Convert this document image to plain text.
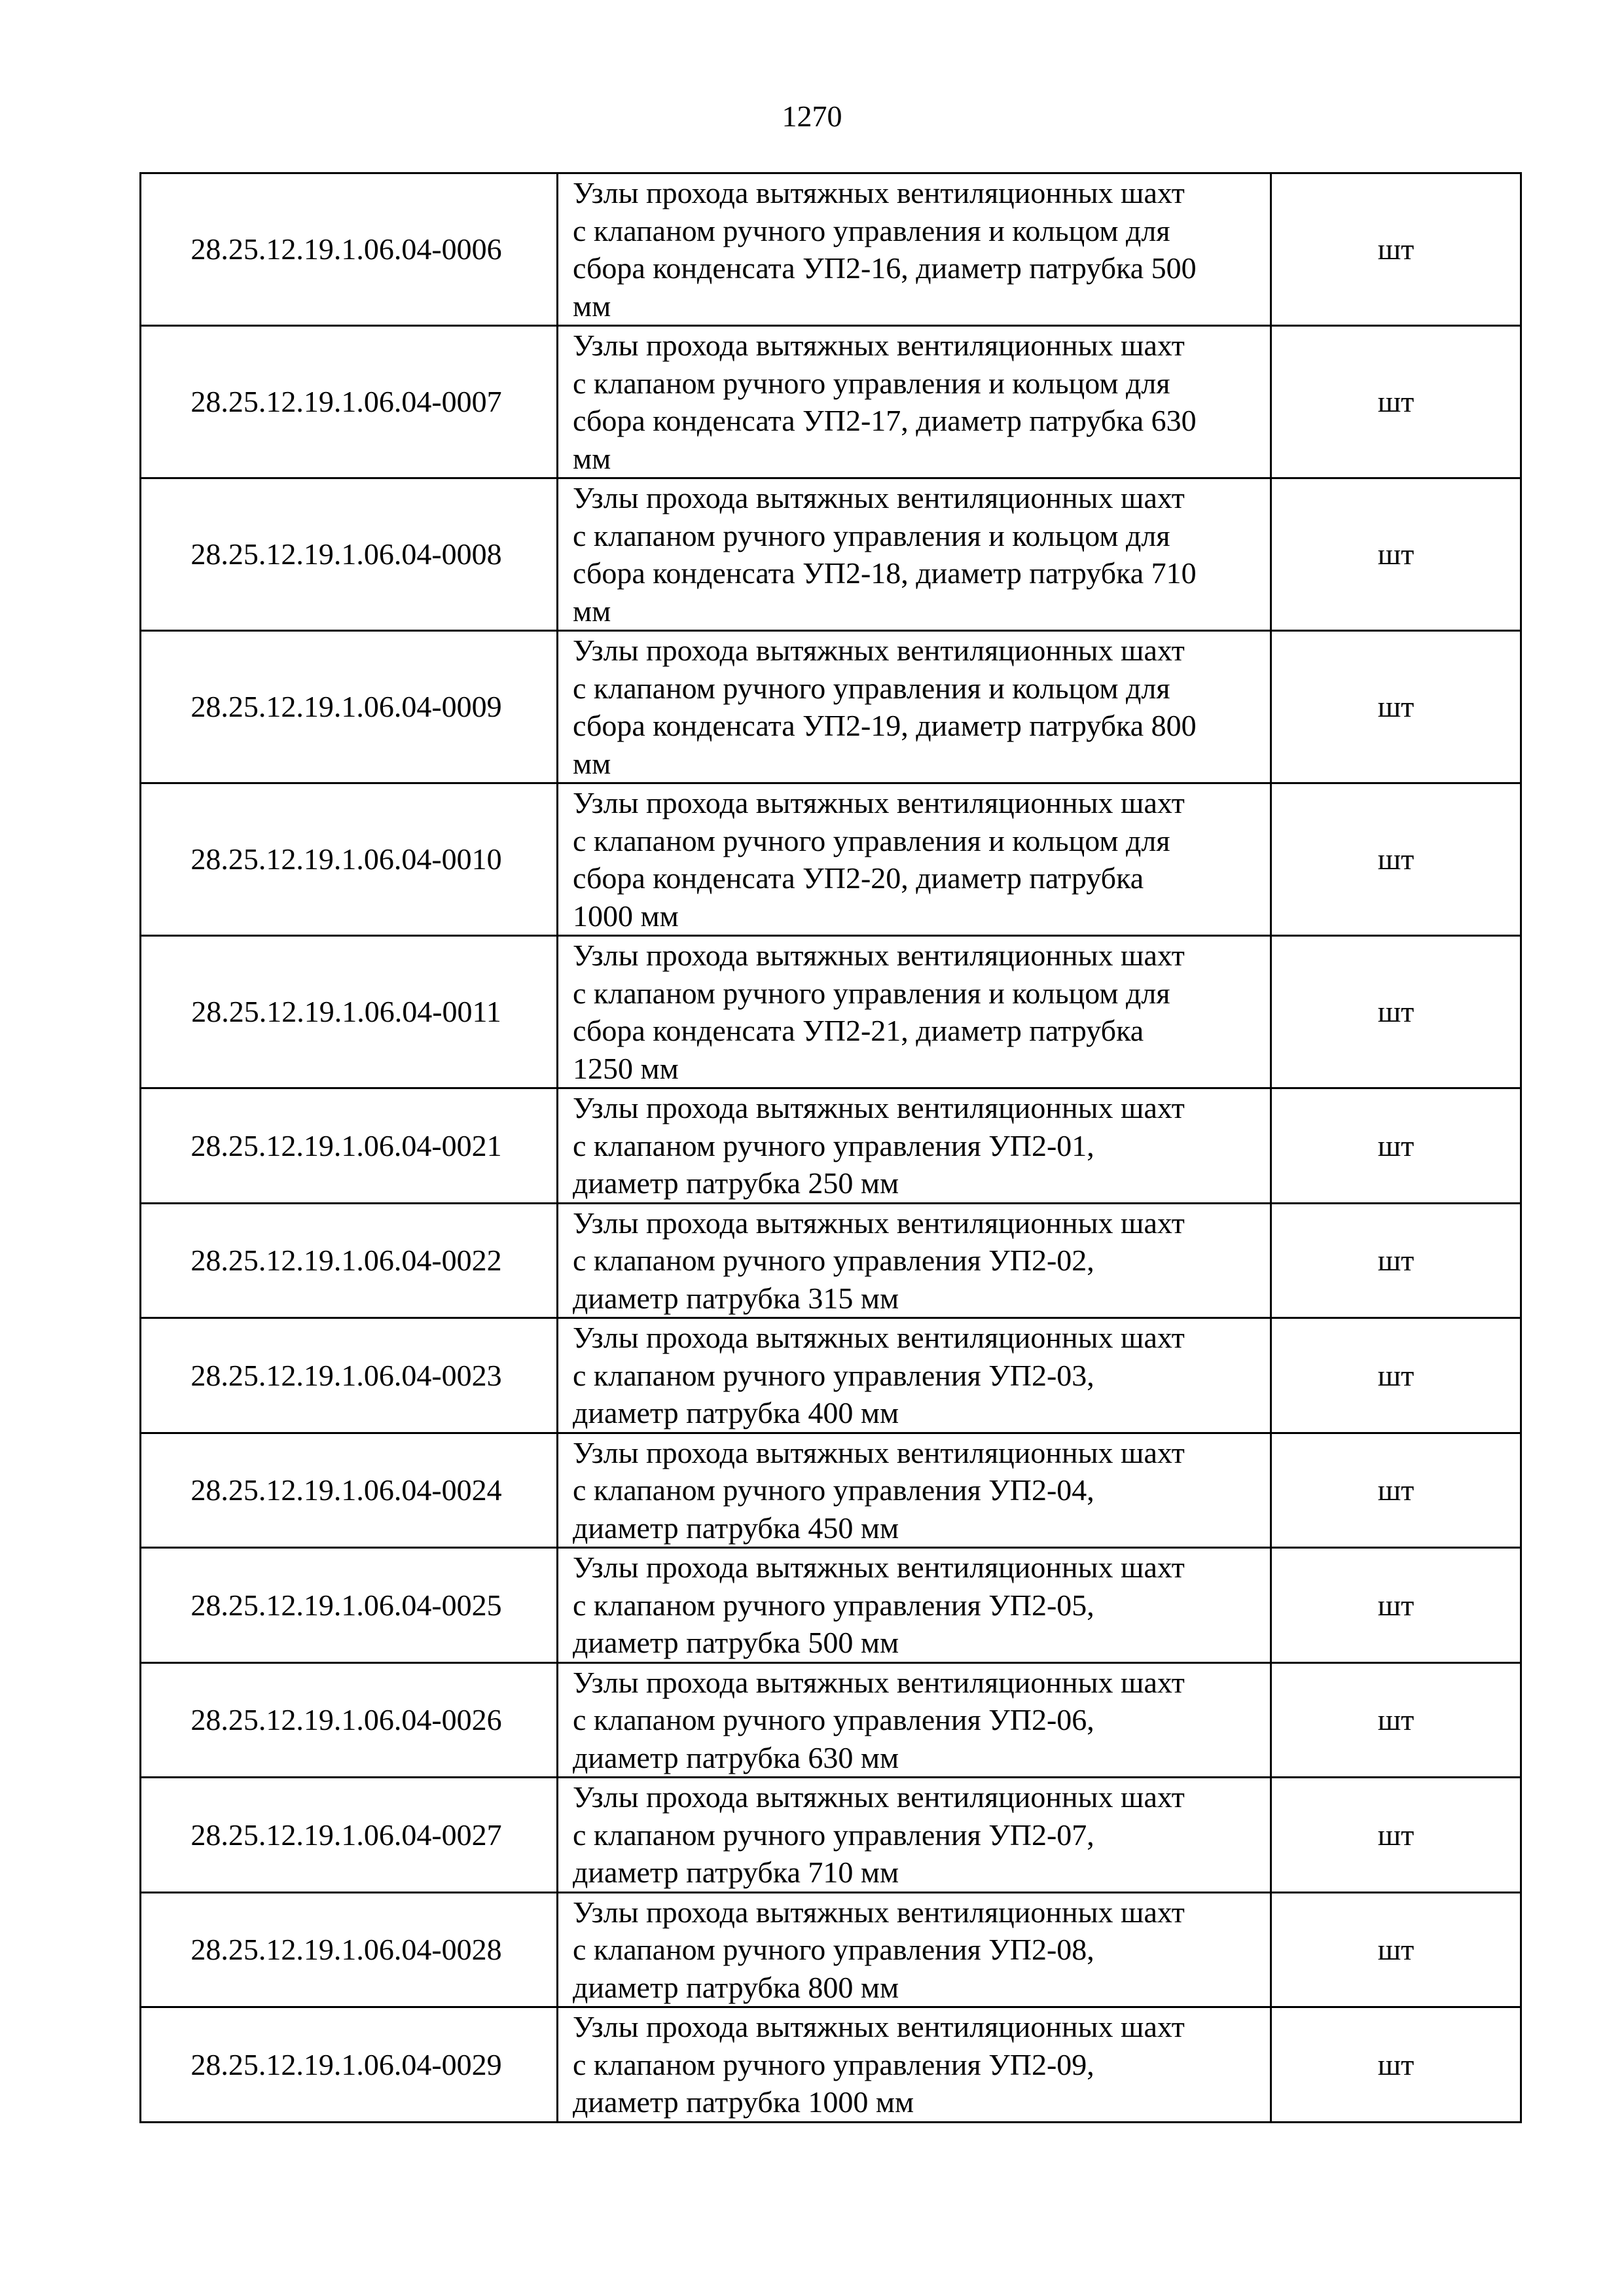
1270
28.25.12.19.1.06.04-0006	Узлы прохода вытяжных вентиляционных шахт
с клапаном ручного управления и кольцом для
сбора конденсата УП2-16, диаметр патрубка 500
мм	шт
28.25.12.19.1.06.04-0007	Узлы прохода вытяжных вентиляционных шахт
с клапаном ручного управления и кольцом для
сбора конденсата УП2-17, диаметр патрубка 630
мм	шт
28.25.12.19.1.06.04-0008	Узлы прохода вытяжных вентиляционных шахт
с клапаном ручного управления и кольцом для
сбора конденсата УП2-18, диаметр патрубка 710
мм	шт
28.25.12.19.1.06.04-0009	Узлы прохода вытяжных вентиляционных шахт
с клапаном ручного управления и кольцом для
сбора конденсата УП2-19, диаметр патрубка 800
мм	шт
28.25.12.19.1.06.04-0010	Узлы прохода вытяжных вентиляционных шахт
с клапаном ручного управления и кольцом для
сбора конденсата УП2-20, диаметр патрубка
1000 мм	шт
28.25.12.19.1.06.04-0011	Узлы прохода вытяжных вентиляционных шахт
с клапаном ручного управления и кольцом для
сбора конденсата УП2-21, диаметр патрубка
1250 мм	шт
28.25.12.19.1.06.04-0021	Узлы прохода вытяжных вентиляционных шахт
с клапаном ручного управления УП2-01,
диаметр патрубка 250 мм	шт
28.25.12.19.1.06.04-0022	Узлы прохода вытяжных вентиляционных шахт
с клапаном ручного управления УП2-02,
диаметр патрубка 315 мм	шт
28.25.12.19.1.06.04-0023	Узлы прохода вытяжных вентиляционных шахт
с клапаном ручного управления УП2-03,
диаметр патрубка 400 мм	шт
28.25.12.19.1.06.04-0024	Узлы прохода вытяжных вентиляционных шахт
с клапаном ручного управления УП2-04,
диаметр патрубка 450 мм	шт
28.25.12.19.1.06.04-0025	Узлы прохода вытяжных вентиляционных шахт
с клапаном ручного управления УП2-05,
диаметр патрубка 500 мм	шт
28.25.12.19.1.06.04-0026	Узлы прохода вытяжных вентиляционных шахт
с клапаном ручного управления УП2-06,
диаметр патрубка 630 мм	шт
28.25.12.19.1.06.04-0027	Узлы прохода вытяжных вентиляционных шахт
с клапаном ручного управления УП2-07,
диаметр патрубка 710 мм	шт
28.25.12.19.1.06.04-0028	Узлы прохода вытяжных вентиляционных шахт
с клапаном ручного управления УП2-08,
диаметр патрубка 800 мм	шт
28.25.12.19.1.06.04-0029	Узлы прохода вытяжных вентиляционных шахт
с клапаном ручного управления УП2-09,
диаметр патрубка 1000 мм	шт
